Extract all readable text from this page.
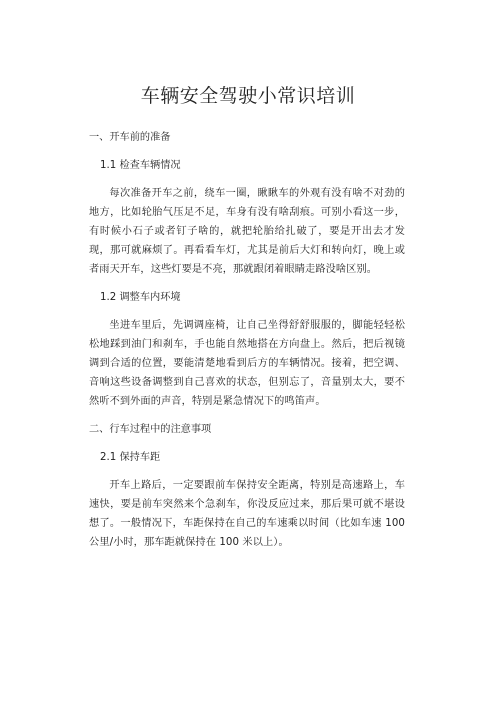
车辆安全驾驶小常识培训

一、开车前的准备

1.1 检查车辆情况

每次准备开车之前，绕车一圈，瞅瞅车的外观有没有啥不对劲的地方，比如轮胎气压足不足，车身有没有啥刮痕。可别小看这一步，有时候小石子或者钉子啥的，就把轮胎给扎破了，要是开出去才发现，那可就麻烦了。再看看车灯，尤其是前后大灯和转向灯，晚上或者雨天开车，这些灯要是不亮，那就跟闭着眼睛走路没啥区别。

1.2 调整车内环境

坐进车里后，先调调座椅，让自己坐得舒舒服服的，脚能轻轻松松地踩到油门和刹车，手也能自然地搭在方向盘上。然后，把后视镜调到合适的位置，要能清楚地看到后方的车辆情况。接着，把空调、音响这些设备调整到自己喜欢的状态，但别忘了，音量别太大，要不然听不到外面的声音，特别是紧急情况下的鸣笛声。

二、行车过程中的注意事项

2.1 保持车距

开车上路后，一定要跟前车保持安全距离，特别是高速路上，车速快，要是前车突然来个急刹车，你没反应过来，那后果可就不堪设想了。一般情况下，车距保持在自己的车速乘以时间（比如车速 100 公里/小时，那车距就保持在 100 米以上）。
